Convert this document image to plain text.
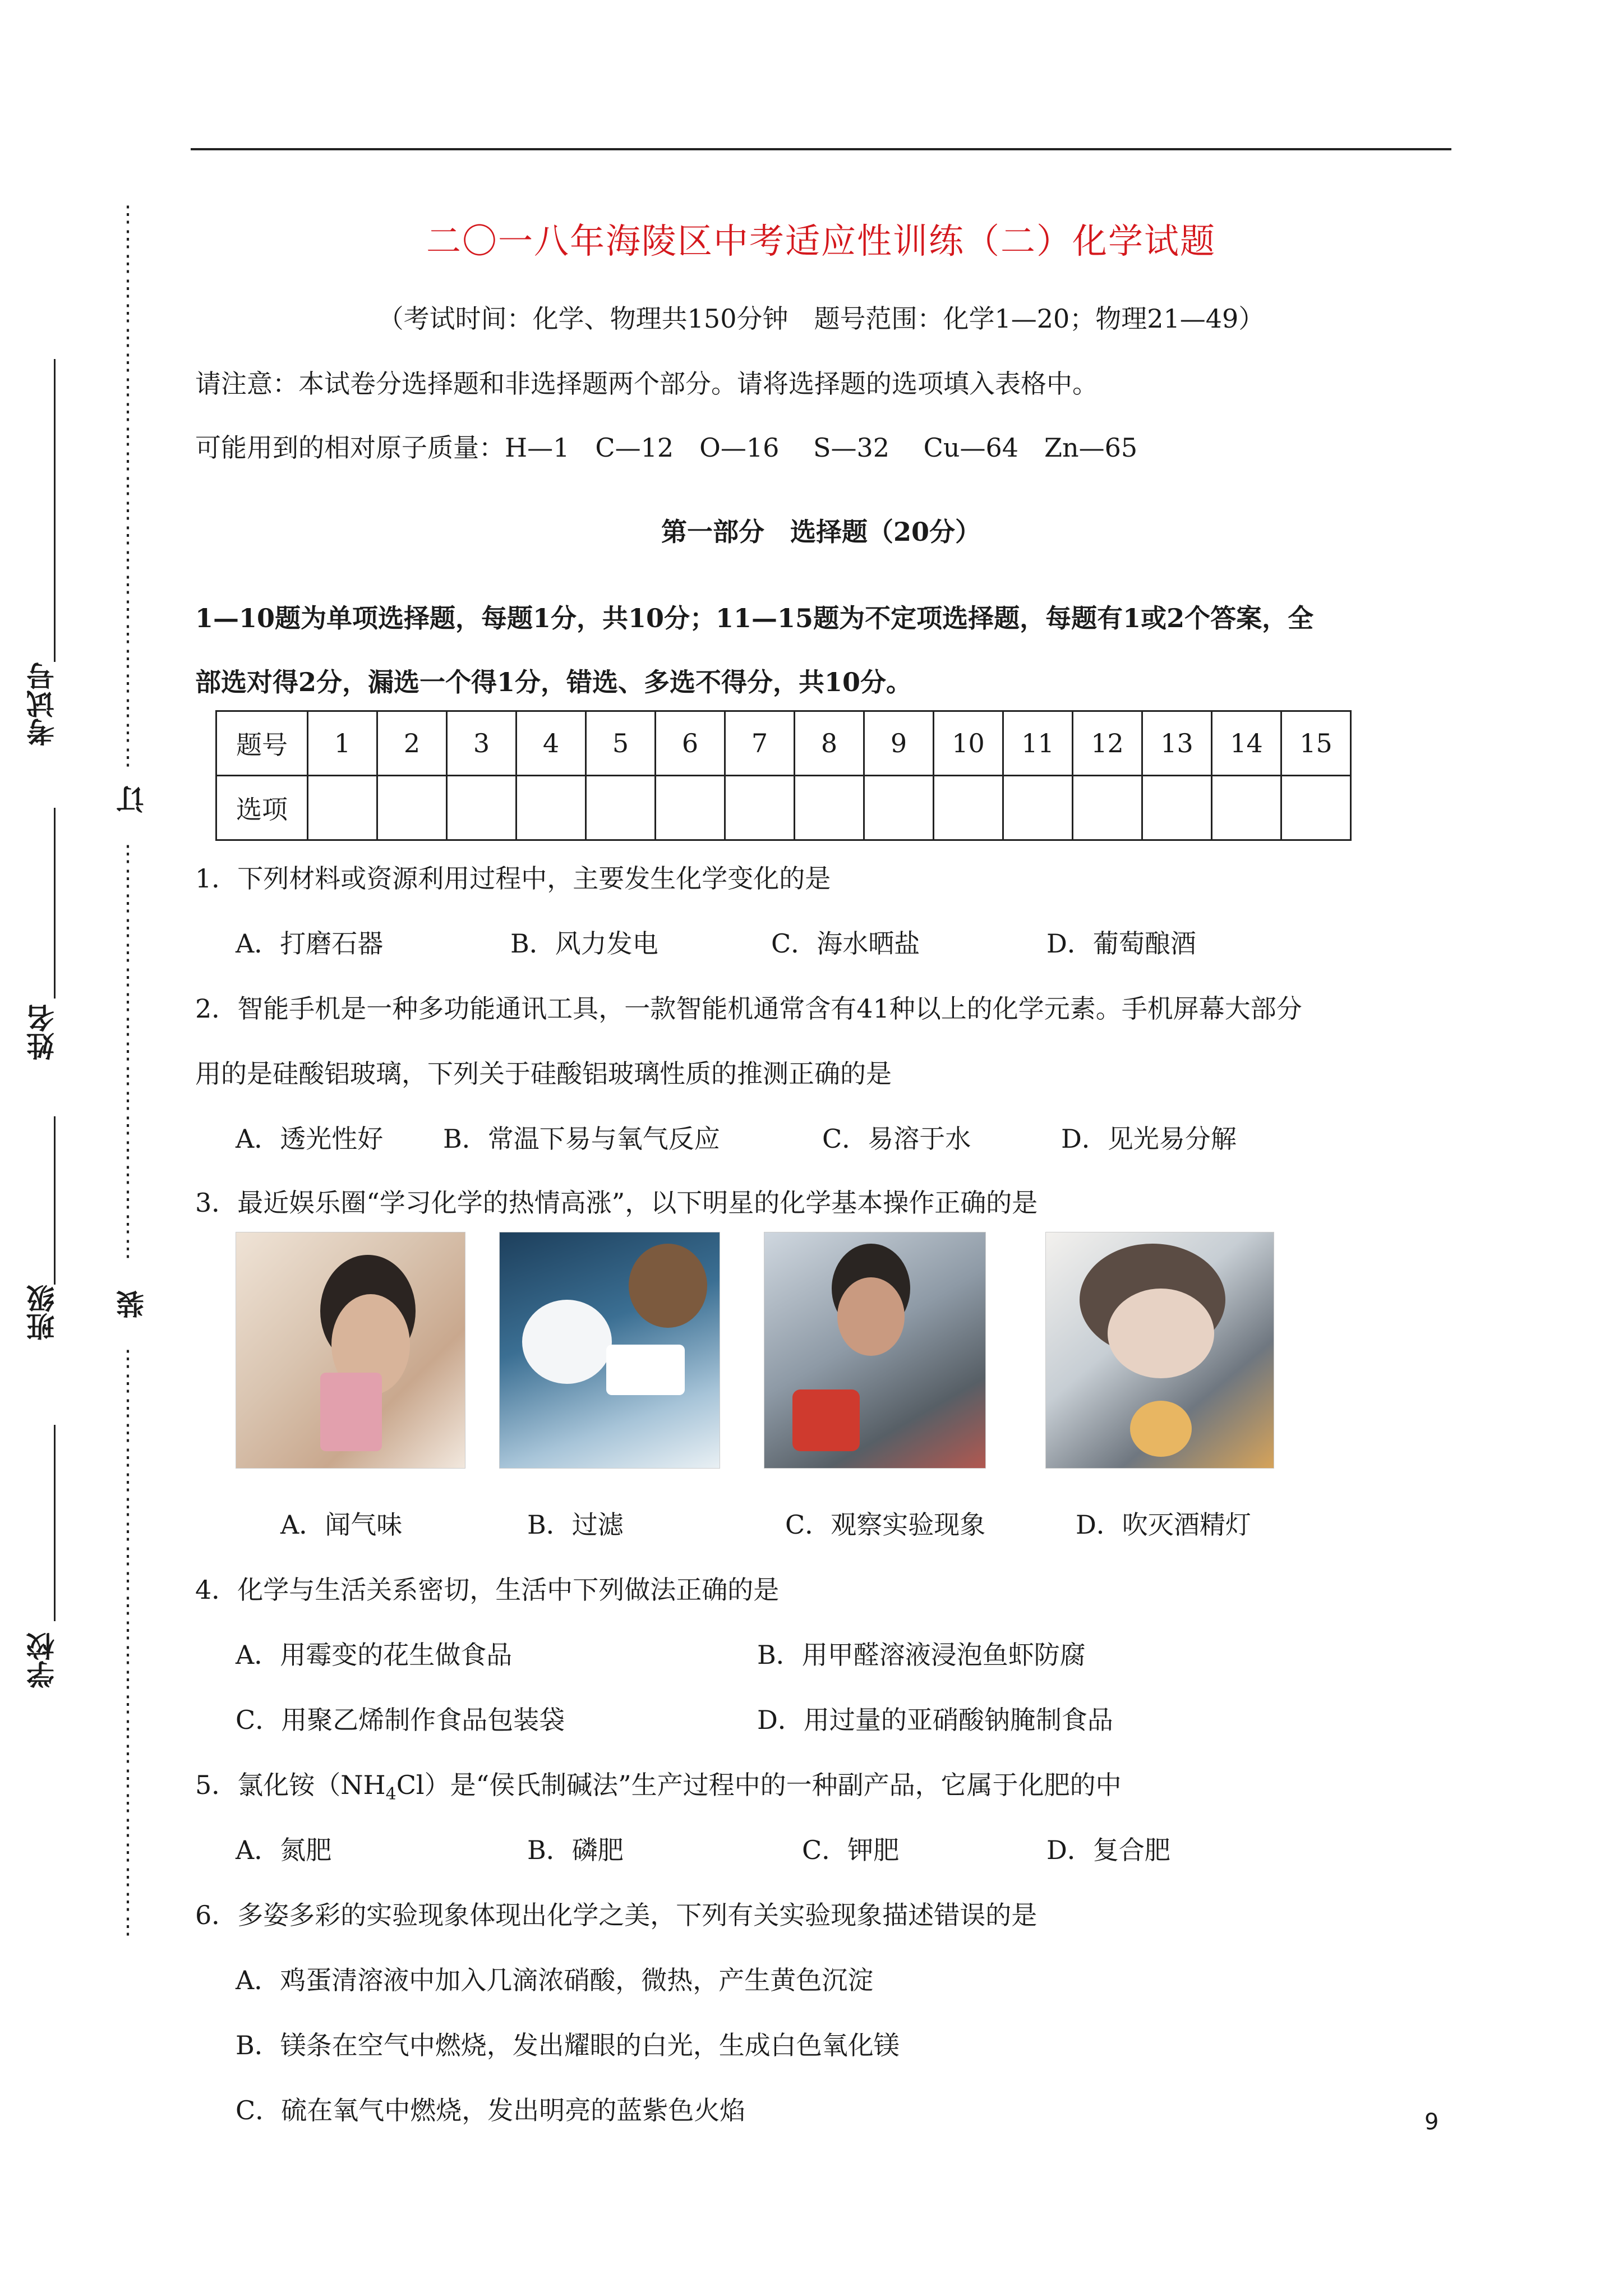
⋮⋮⋮⋮⋮⋮⋮⋮⋮⋮⋮⋮⋮⋮⋮⋮⋮⋮⋮⋮⋮⋮⋮
订
⋮⋮⋮⋮⋮⋮⋮⋮⋮⋮⋮⋮⋮⋮⋮⋮⋮
装
⋮⋮⋮⋮⋮⋮⋮⋮⋮⋮⋮⋮⋮⋮⋮⋮⋮⋮⋮⋮⋮⋮⋮⋮
考试号
姓名
班级
学校
二〇一八年海陵区中考适应性训练（二）化学试题
（考试时间：化学、物理共150分钟　题号范围：化学1—20；物理21—49）
请注意：本试卷分选择题和非选择题两个部分。请将选择题的选项填入表格中。
可能用到的相对原子质量：H—1　C—12　O—16　 S—32　 Cu—64　Zn—65
第一部分　选择题（20分）
1—10题为单项选择题，每题1分，共10分；11—15题为不定项选择题，每题有1或2个答案，全
部选对得2分，漏选一个得1分，错选、多选不得分，共10分。
题号	1	2	3	4	5	6	7	8	9	10	11	12	13	14	15
选项															
1．下列材料或资源利用过程中，主要发生化学变化的是
A．打磨石器	B．风力发电	C．海水晒盐	D．葡萄酿酒
2．智能手机是一种多功能通讯工具，一款智能机通常含有41种以上的化学元素。手机屏幕大部分
用的是硅酸铝玻璃，下列关于硅酸铝玻璃性质的推测正确的是
A．透光性好 B．常温下易与氧气反应	C．易溶于水	D．见光易分解
3．最近娱乐圈“学习化学的热情高涨”，以下明星的化学基本操作正确的是
A．闻气味	B．过滤	C．观察实验现象	D．吹灭酒精灯
4．化学与生活关系密切，生活中下列做法正确的是
A．用霉变的花生做食品	B．用甲醛溶液浸泡鱼虾防腐
C．用聚乙烯制作食品包装袋	D．用过量的亚硝酸钠腌制食品
5．氯化铵$(NH_4Cl)$是“侯氏制碱法”生产过程中的一种副产品，它属于化肥的中
A．氮肥	B．磷肥	C．钾肥	D．复合肥
6．多姿多彩的实验现象体现出化学之美，下列有关实验现象描述错误的是
A．鸡蛋清溶液中加入几滴浓硝酸，微热，产生黄色沉淀
B．镁条在空气中燃烧，发出耀眼的白光，生成白色氧化镁
C．硫在氧气中燃烧，发出明亮的蓝紫色火焰	9
